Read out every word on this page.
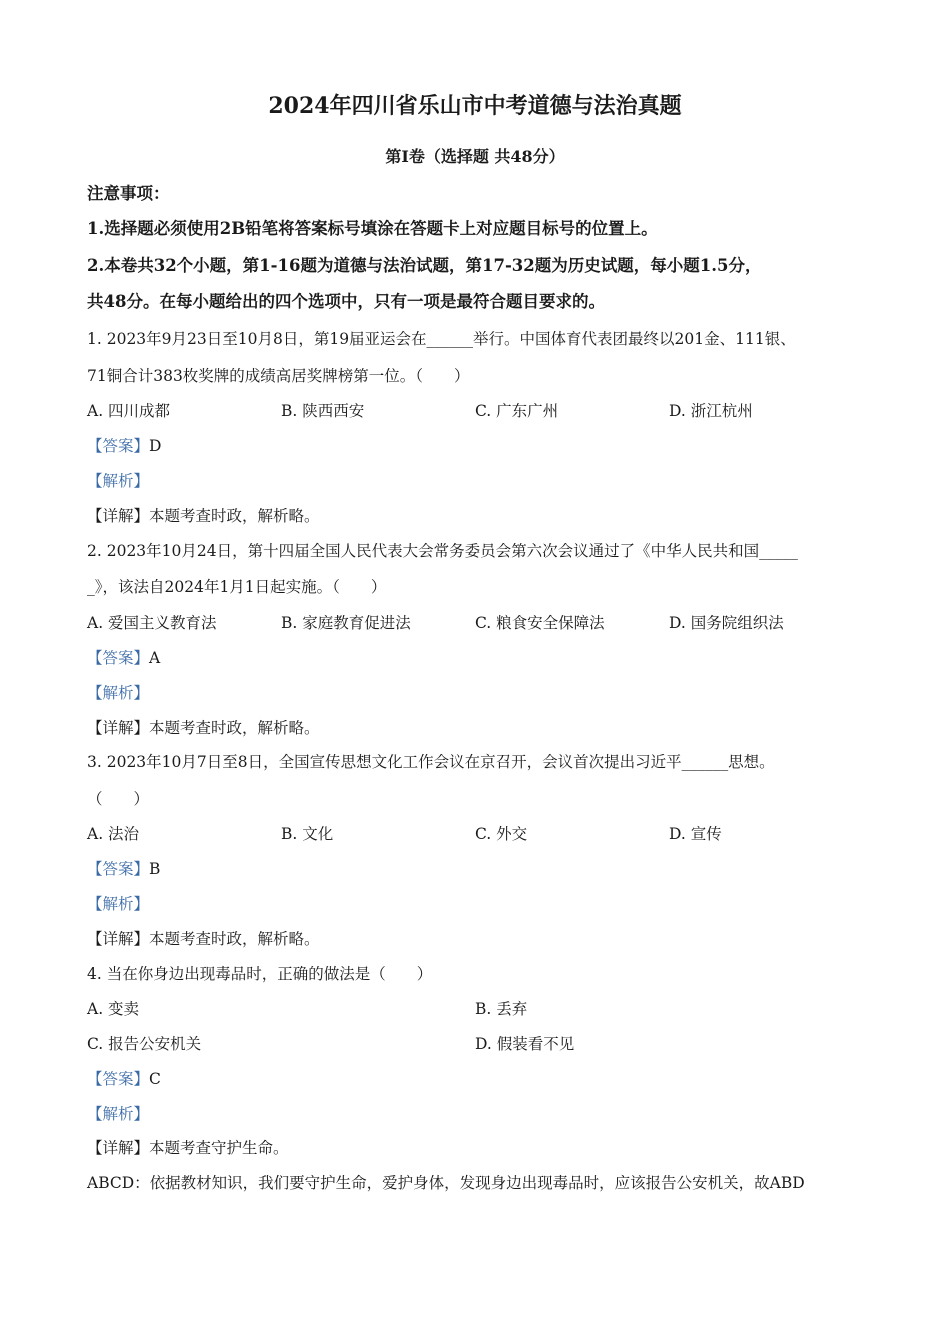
2024年四川省乐山市中考道德与法治真题
第Ⅰ卷（选择题 共48分）
注意事项：
1.选择题必须使用2B铅笔将答案标号填涂在答题卡上对应题目标号的位置上。
2.本卷共32个小题，第1-16题为道德与法治试题，第17-32题为历史试题，每小题1.5分，
共48分。在每小题给出的四个选项中，只有一项是最符合题目要求的。
1. 2023年9月23日至10月8日，第19届亚运会在______举行。中国体育代表团最终以201金、111银、
71铜合计383枚奖牌的成绩高居奖牌榜第一位。（　　）
A. 四川成都	B. 陕西西安	C. 广东广州	D. 浙江杭州
【答案】D
【解析】
【详解】本题考查时政，解析略。
2. 2023年10月24日，第十四届全国人民代表大会常务委员会第六次会议通过了《中华人民共和国_____
_》，该法自2024年1月1日起实施。（　　）
A. 爱国主义教育法	B. 家庭教育促进法	C. 粮食安全保障法	D. 国务院组织法
【答案】A
【解析】
【详解】本题考查时政，解析略。
3. 2023年10月7日至8日，全国宣传思想文化工作会议在京召开，会议首次提出习近平______思想。
（　　）
A. 法治	B. 文化	C. 外交	D. 宣传
【答案】B
【解析】
【详解】本题考查时政，解析略。
4. 当在你身边出现毒品时，正确的做法是（　　）
A. 变卖	B. 丢弃
C. 报告公安机关	D. 假装看不见
【答案】C
【解析】
【详解】本题考查守护生命。
ABCD：依据教材知识，我们要守护生命，爱护身体，发现身边出现毒品时，应该报告公安机关，故ABD
